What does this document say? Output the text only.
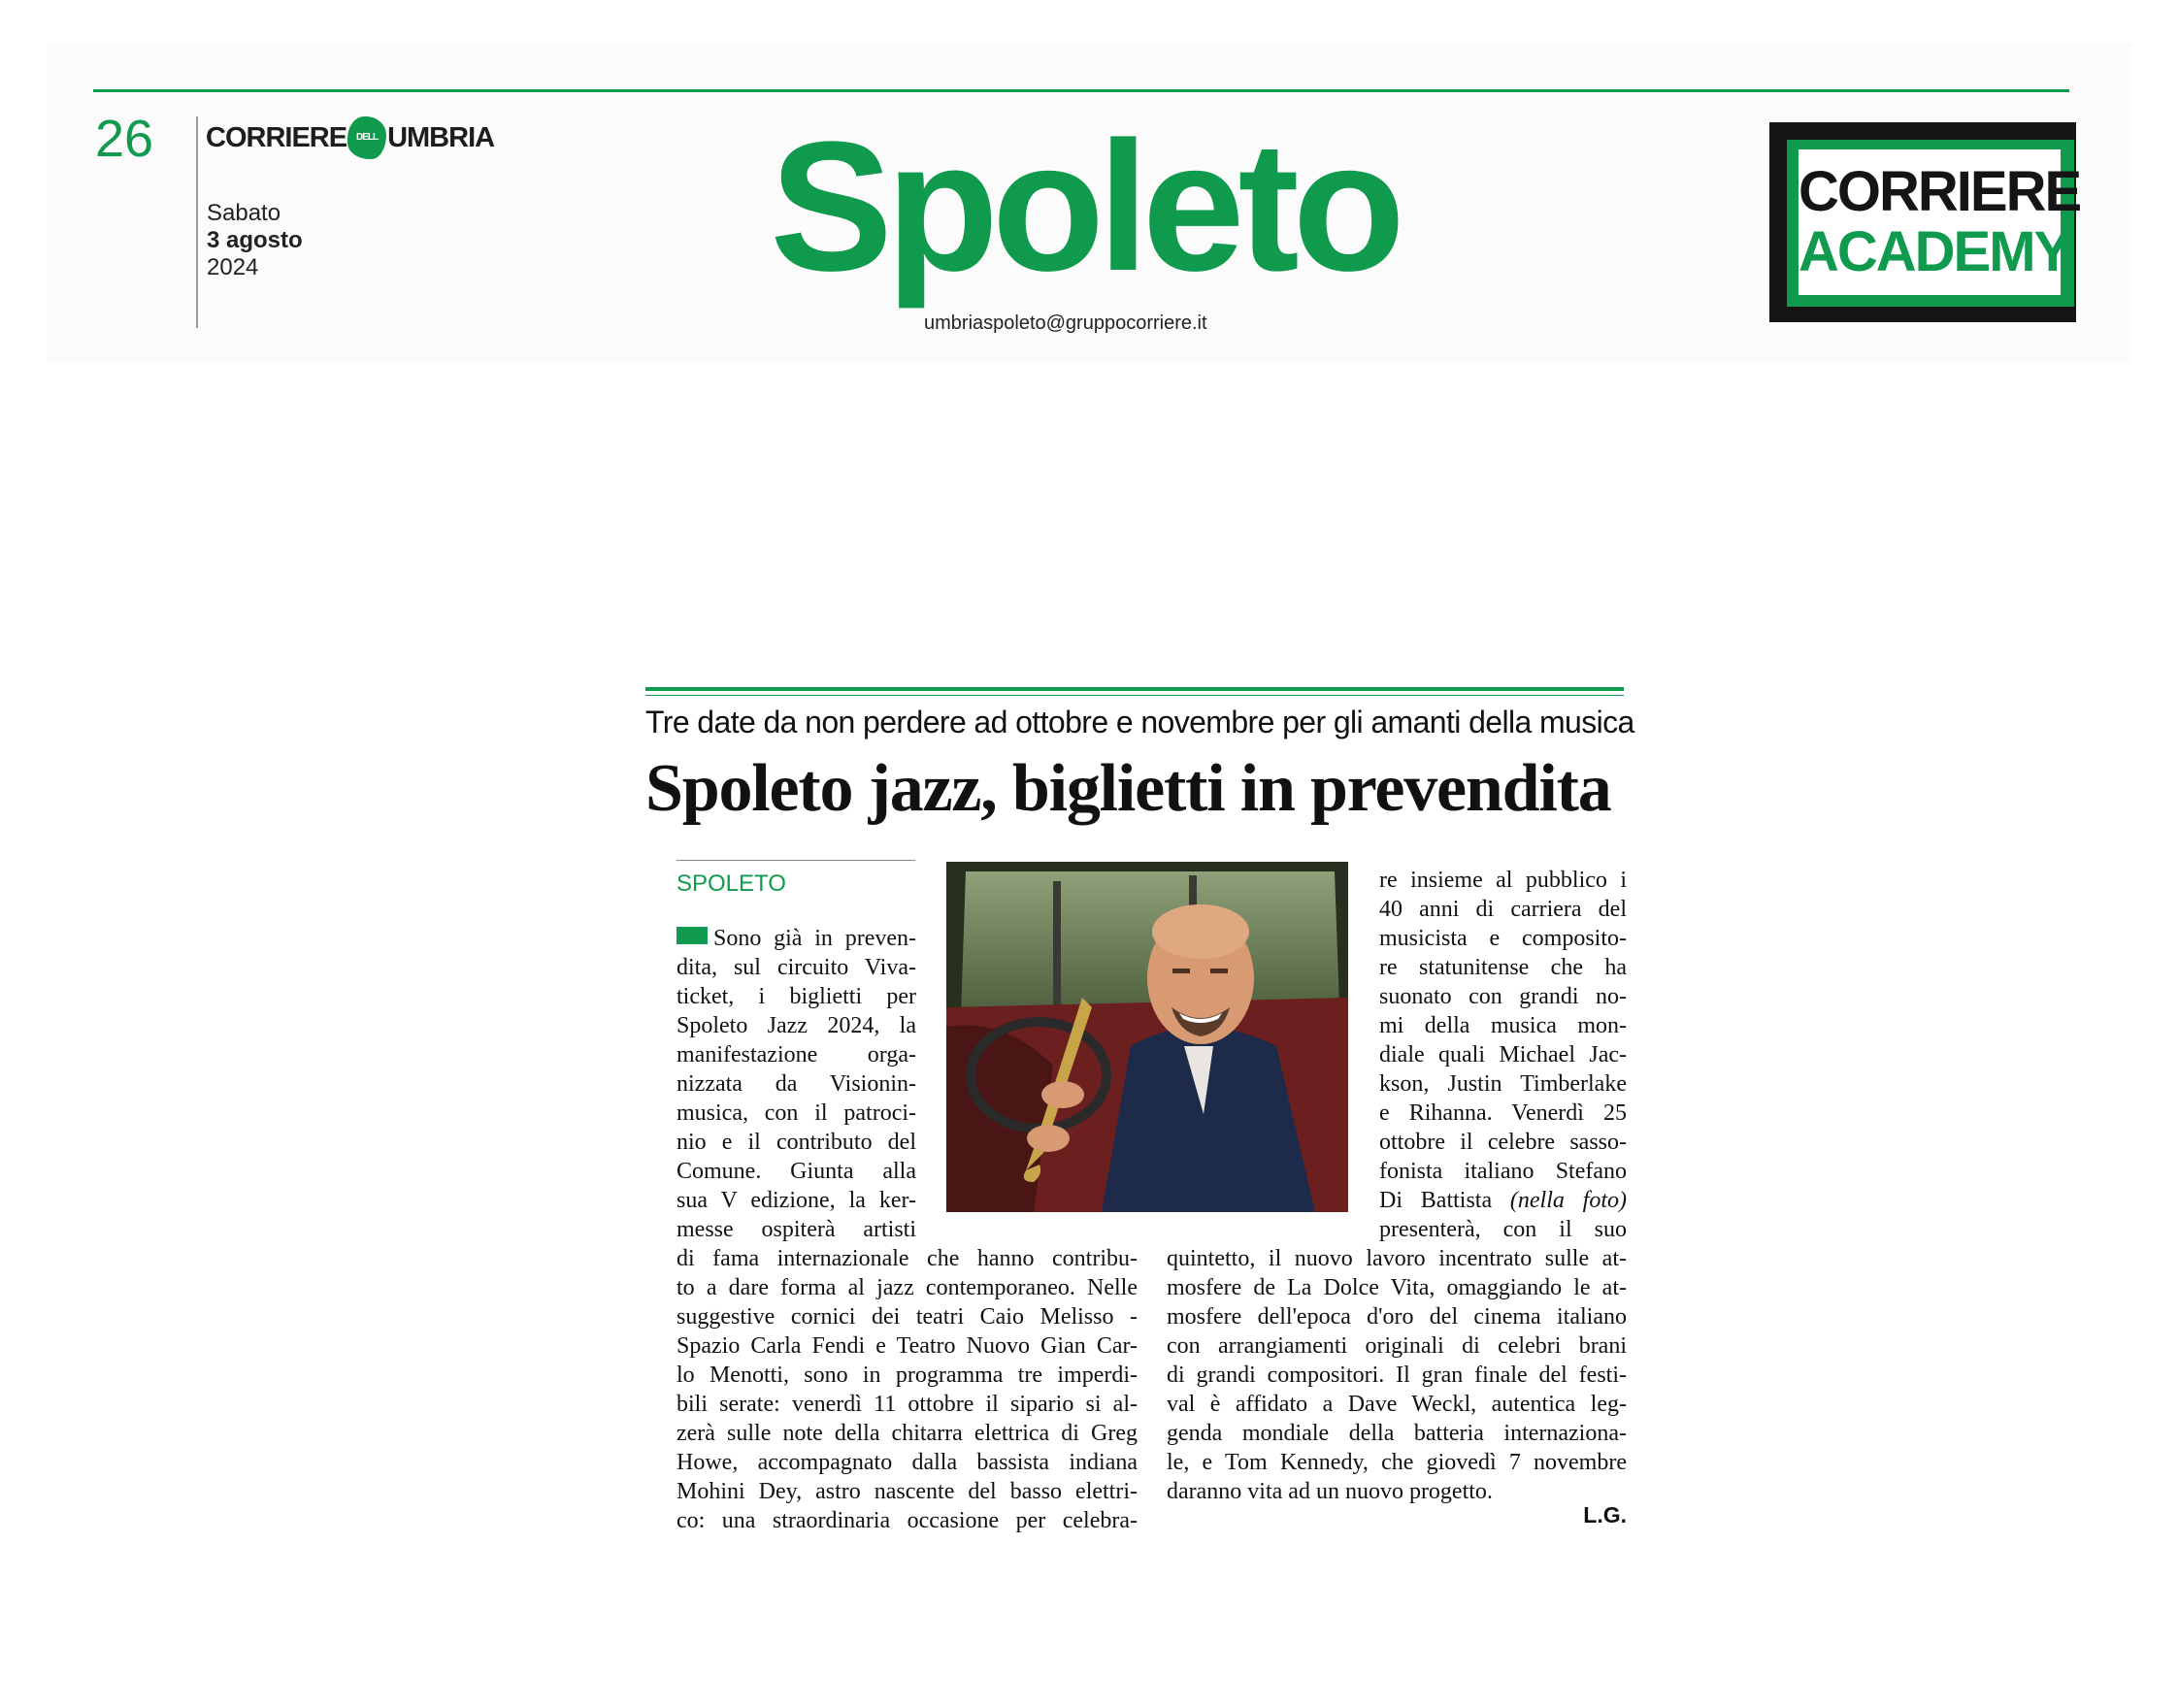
26 CORRIERE DELL UMBRIA
Sabato
3 agosto
2024	Spoleto
umbriaspoleto@gruppocorriere.it
CORRIERE
ACADEMY
Tre date da non perdere ad ottobre e novembre per gli amanti della musica
Spoleto jazz, biglietti in prevendita
SPOLETO
Sono già in preven-
dita, sul circuito Viva-
ticket, i biglietti per
Spoleto Jazz 2024, la
manifestazione orga-
nizzata da Visionin-
musica, con il patroci-
nio e il contributo del
Comune. Giunta alla
sua V edizione, la ker-
messe ospiterà artisti
di fama internazionale che hanno contribu-
to a dare forma al jazz contemporaneo. Nelle
suggestive cornici dei teatri Caio Melisso -
Spazio Carla Fendi e Teatro Nuovo Gian Car-
lo Menotti, sono in programma tre imperdi-
bili serate: venerdì 11 ottobre il sipario si al-
zerà sulle note della chitarra elettrica di Greg
Howe, accompagnato dalla bassista indiana
Mohini Dey, astro nascente del basso elettri-
co: una straordinaria occasione per celebra-
re insieme al pubblico i
40 anni di carriera del
musicista e composito-
re statunitense che ha
suonato con grandi no-
mi della musica mon-
diale quali Michael Jac-
kson, Justin Timberlake
e Rihanna. Venerdì 25
ottobre il celebre sasso-
fonista italiano Stefano
Di Battista (nella foto)
presenterà, con il suo
quintetto, il nuovo lavoro incentrato sulle at-
mosfere de La Dolce Vita, omaggiando le at-
mosfere dell'epoca d'oro del cinema italiano
con arrangiamenti originali di celebri brani
di grandi compositori. Il gran finale del festi-
val è affidato a Dave Weckl, autentica leg-
genda mondiale della batteria internaziona-
le, e Tom Kennedy, che giovedì 7 novembre
daranno vita ad un nuovo progetto.
L.G.
